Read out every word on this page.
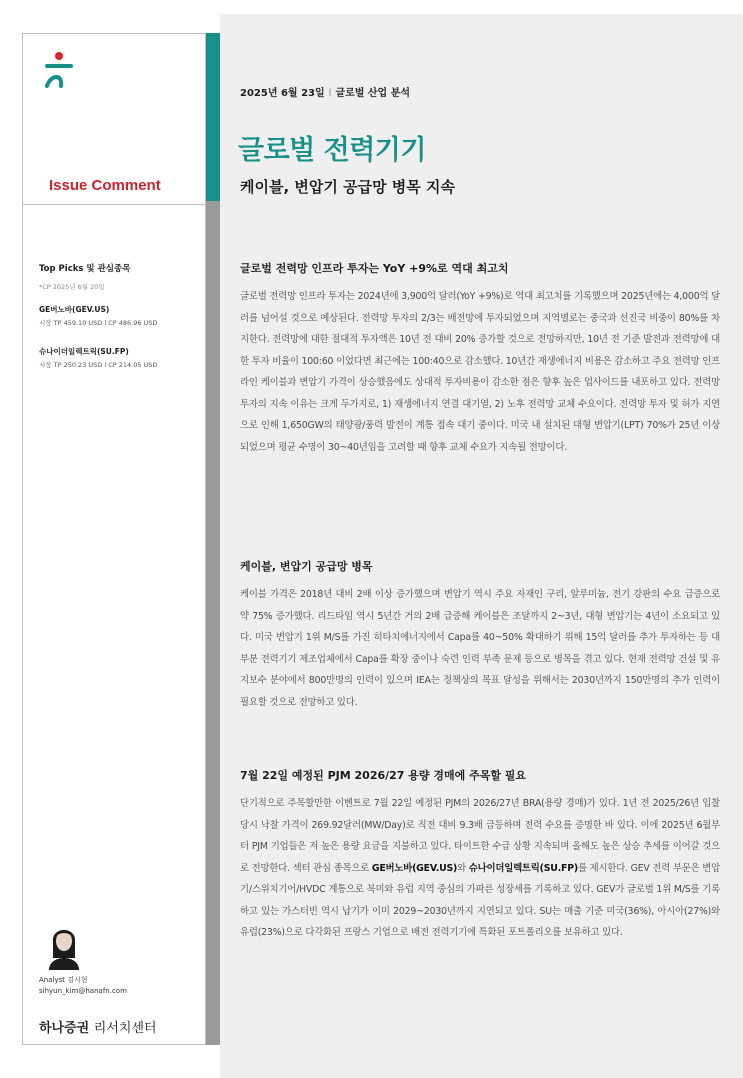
Issue Comment
Top Picks 및 관심종목
*CP 2025년 6월 20일
GE버노바(GEV.US)
시장 TP 459.10 USD l CP 486.96 USD
슈나이더일렉트릭(SU.FP)
시장 TP 250.23 USD l CP 214.05 USD
Analyst 김시현
sihyun_kim@hanafn.com
하나증권 리서치센터
2025년 6월 23일 l 글로벌 산업 분석
글로벌 전력기기
케이블, 변압기 공급망 병목 지속
글로벌 전력망 인프라 투자는 YoY +9%로 역대 최고치
글로벌 전력망 인프라 투자는 2024년에 3,900억 달러(YoY +9%)로 역대 최고치를 기록했으며 2025년에는 4,000억 달러를 넘어설 것으로 예상된다. 전력망 투자의 2/3는 배전망에 투자되었으며 지역별로는 중국과 선진국 비중이 80%를 차지한다. 전력망에 대한 절대적 투자액은 10년 전 대비 20% 증가할 것으로 전망하지만, 10년 전 기준 발전과 전력망에 대한 투자 비율이 100:60 이었다면 최근에는 100:40으로 감소했다. 10년간 재생에너지 비용은 감소하고 주요 전력망 인프라인 케이블과 변압기 가격이 상승했음에도 상대적 투자비용이 감소한 점은 향후 높은 업사이드를 내포하고 있다. 전력망 투자의 지속 이유는 크게 두가지로, 1) 재생에너지 연결 대기열, 2) 노후 전력망 교체 수요이다. 전력망 투자 및 허가 지연으로 인해 1,650GW의 태양광/풍력 발전이 계통 접속 대기 중이다. 미국 내 설치된 대형 변압기(LPT) 70%가 25년 이상 되었으며 평균 수명이 30~40년임을 고려할 때 향후 교체 수요가 지속될 전망이다.
케이블, 변압기 공급망 병목
케이블 가격은 2018년 대비 2배 이상 증가했으며 변압기 역시 주요 자재인 구리, 알루미늄, 전기 강판의 수요 급증으로 약 75% 증가했다. 리드타임 역시 5년간 거의 2배 급증해 케이블은 조달까지 2~3년, 대형 변압기는 4년이 소요되고 있다. 미국 변압기 1위 M/S를 가진 히타치에너지에서 Capa를 40~50% 확대하기 위해 15억 달러를 추가 투자하는 등 대부분 전력기기 제조업체에서 Capa를 확장 중이나 숙련 인력 부족 문제 등으로 병목을 겪고 있다. 현재 전력망 건설 및 유지보수 분야에서 800만명의 인력이 있으며 IEA는 정책상의 목표 달성을 위해서는 2030년까지 150만명의 추가 인력이 필요할 것으로 전망하고 있다.
7월 22일 예정된 PJM 2026/27 용량 경매에 주목할 필요
단기적으로 주목할만한 이벤트로 7월 22일 예정된 PJM의 2026/27년 BRA(용량 경매)가 있다. 1년 전 2025/26년 입찰 당시 낙찰 가격이 269.92달러(MW/Day)로 직전 대비 9.3배 급등하며 전력 수요를 증명한 바 있다. 이에 2025년 6월부터 PJM 기업들은 저 높은 용량 요금을 지불하고 있다. 타이트한 수급 상황 지속되며 올해도 높은 상승 추세를 이어갈 것으로 전망한다. 섹터 관심 종목으로 GE버노바(GEV.US)와 슈나이더일렉트릭(SU.FP)를 제시한다. GEV 전력 부문은 변압기/스위치기어/HVDC 계통으로 북미와 유럽 지역 중심의 가파른 성장세를 기록하고 있다. GEV가 글로벌 1위 M/S를 기록하고 있는 가스터빈 역시 납기가 이미 2029~2030년까지 지연되고 있다. SU는 매출 기준 미국(36%), 아시아(27%)와 유럽(23%)으로 다각화된 프랑스 기업으로 배전 전력기기에 특화된 포트폴리오를 보유하고 있다.
